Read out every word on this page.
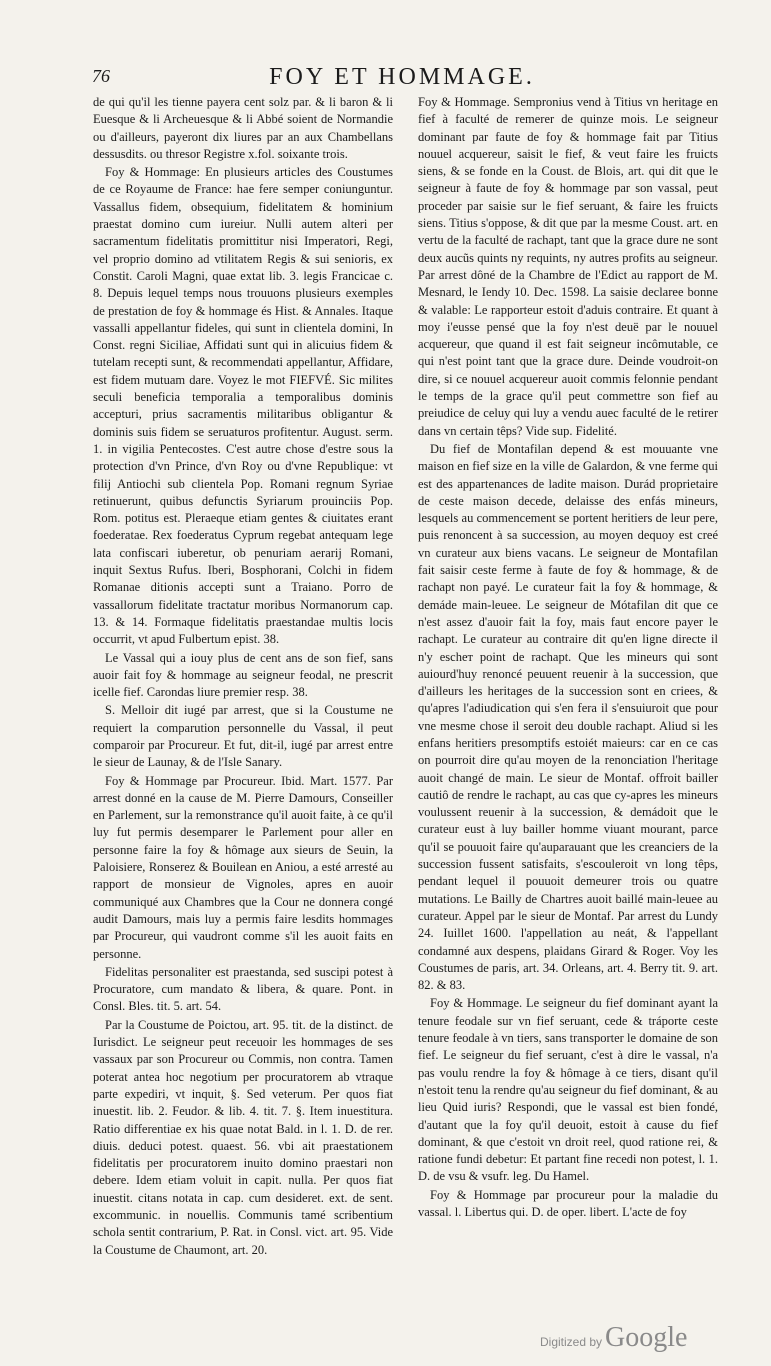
76	FOY ET HOMMAGE.

de qui qu'il les tienne payera cent solz par. & li baron & li Euesque & li Archeuesque & li Abbé soient de Normandie ou d'ailleurs, payeront dix liures par an aux Chambellans dessusdits. ou thresor Registre x.fol. soixante trois.

Foy & Hommage: En plusieurs articles des Coustumes de ce Royaume de France: hae fere semper coniunguntur. Vassallus fidem, obsequium, fidelitatem & hominium praestat domino cum iureiur. Nulli autem alteri per sacramentum fidelitatis promittitur nisi Imperatori, Regi, vel proprio domino ad vtilitatem Regis & sui senioris, ex Constit. Caroli Magni, quae extat lib. 3. legis Francicae c. 8. Depuis lequel temps nous trouuons plusieurs exemples de prestation de foy & hommage és Hist. & Annales. Itaque vassalli appellantur fideles, qui sunt in clientela domini, In Const. regni Siciliae, Affidati sunt qui in alicuius fidem & tutelam recepti sunt, & recommendati appellantur, Affidare, est fidem mutuam dare. Voyez le mot FIEFVÉ. Sic milites seculi beneficia temporalia a temporalibus dominis accepturi, prius sacramentis militaribus obligantur & dominis suis fidem se seruaturos profitentur. August. serm. 1. in vigilia Pentecostes. C'est autre chose d'estre sous la protection d'vn Prince, d'vn Roy ou d'vne Republique: vt filij Antiochi sub clientela Pop. Romani regnum Syriae retinuerunt, quibus defunctis Syriarum prouinciis Pop. Rom. potitus est. Pleraeque etiam gentes & ciuitates erant foederatae. Rex foederatus Cyprum regebat antequam lege lata confiscari iuberetur, ob penuriam aerarij Romani, inquit Sextus Rufus. Iberi, Bosphorani, Colchi in fidem Romanae ditionis accepti sunt a Traiano. Porro de vassallorum fidelitate tractatur moribus Normanorum cap. 13. & 14. Formaque fidelitatis praestandae multis locis occurrit, vt apud Fulbertum epist. 38.

Le Vassal qui a iouy plus de cent ans de son fief, sans auoir fait foy & hommage au seigneur feodal, ne prescrit icelle fief. Carondas liure premier resp. 38.

S. Melloir dit iugé par arrest, que si la Coustume ne requiert la comparution personnelle du Vassal, il peut comparoir par Procureur. Et fut, dit-il, iugé par arrest entre le sieur de Launay, & de l'Isle Sanary.

Foy & Hommage par Procureur. Ibid. Mart. 1577. Par arrest donné en la cause de M. Pierre Damours, Conseiller en Parlement, sur la remonstrance qu'il auoit faite, à ce qu'il luy fut permis desemparer le Parlement pour aller en personne faire la foy & hômage aux sieurs de Seuin, la Paloisiere, Ronserez & Bouilean en Aniou, a esté arresté au rapport de monsieur de Vignoles, apres en auoir communiqué aux Chambres que la Cour ne donnera congé audit Damours, mais luy a permis faire lesdits hommages par Procureur, qui vaudront comme s'il les auoit faits en personne.

Fidelitas personaliter est praestanda, sed suscipi potest à Procuratore, cum mandato & libera, & quare. Pont. in Consl. Bles. tit. 5. art. 54.

Par la Coustume de Poictou, art. 95. tit. de la distinct. de Iurisdict. Le seigneur peut receuoir les hommages de ses vassaux par son Procureur ou Commis, non contra. Tamen poterat antea hoc negotium per procuratorem ab vtraque parte expediri, vt inquit, §. Sed veterum. Per quos fiat inuestit. lib. 2. Feudor. & lib. 4. tit. 7. §. Item inuestitura. Ratio differentiae ex his quae notat Bald. in l. 1. D. de rer. diuis. deduci potest. quaest. 56. vbi ait praestationem fidelitatis per procuratorem inuito domino praestari non debere. Idem etiam voluit in capit. nulla. Per quos fiat inuestit. citans notata in cap. cum desideret. ext. de sent. excommunic. in nouellis. Communis tamé scribentium schola sentit contrarium, P. Rat. in Consl. vict. art. 95. Vide la Coustume de Chaumont, art. 20.

Foy & Hommage. Sempronius vend à Titius vn heritage en fief à faculté de remerer de quinze mois. Le seigneur dominant par faute de foy & hommage fait par Titius nouuel acquereur, saisit le fief, & veut faire les fruicts siens, & se fonde en la Coust. de Blois, art. qui dit que le seigneur à faute de foy & hommage par son vassal, peut proceder par saisie sur le fief seruant, & faire les fruicts siens. Titius s'oppose, & dit que par la mesme Coust. art. en vertu de la faculté de rachapt, tant que la grace dure ne sont deux aucũs quints ny requints, ny autres profits au seigneur. Par arrest dôné de la Chambre de l'Edict au rapport de M. Mesnard, le Iendy 10. Dec. 1598. La saisie declaree bonne & valable: Le rapporteur estoit d'aduis contraire. Et quant à moy i'eusse pensé que la foy n'est deuë par le nouuel acquereur, que quand il est fait seigneur incômutable, ce qui n'est point tant que la grace dure. Deinde voudroit-on dire, si ce nouuel acquereur auoit commis felonnie pendant le temps de la grace qu'il peut commettre son fief au preiudice de celuy qui luy a vendu auec faculté de le retirer dans vn certain têps? Vide sup. Fidelité.

Du fief de Montafilan depend & est mouuante vne maison en fief size en la ville de Galardon, & vne ferme qui est des appartenances de ladite maison. Durád proprietaire de ceste maison decede, delaisse des enfás mineurs, lesquels au commencement se portent heritiers de leur pere, puis renoncent à sa succession, au moyen dequoy est creé vn curateur aux biens vacans. Le seigneur de Montafilan fait saisir ceste ferme à faute de foy & hommage, & de rachapt non payé. Le curateur fait la foy & hommage, & demáde main-leuee. Le seigneur de Mótafilan dit que ce n'est assez d'auoir fait la foy, mais faut encore payer le rachapt. Le curateur au contraire dit qu'en ligne directe il n'y escheт point de rachapt. Que les mineurs qui sont auiourd'huy renoncé peuuent reuenir à la succession, que d'ailleurs les heritages de la succession sont en criees, & qu'apres l'adiudication qui s'en fera il s'ensuiuroit que pour vne mesme chose il seroit deu double rachapt. Aliud si les enfans heritiers presomptifs estoiét maieurs: car en ce cas on pourroit dire qu'au moyen de la renonciation l'heritage auoit changé de main. Le sieur de Montaf. offroit bailler cautiô de rendre le rachapt, au cas que cy-apres les mineurs voulussent reuenir à la succession, & demádoit que le curateur eust à luy bailler homme viuant mourant, parce qu'il se pouuoit faire qu'auparauant que les creanciers de la succession fussent satisfaits, s'escouleroit vn long têps, pendant lequel il pouuoit demeurer trois ou quatre mutations. Le Bailly de Chartres auoit baillé main-leuee au curateur. Appel par le sieur de Montaf. Par arrest du Lundy 24. Iuillet 1600. l'appellation au neát, & l'appellant condamné aux despens, plaidans Girard & Roger. Voy les Coustumes de paris, art. 34. Orleans, art. 4. Berry tit. 9. art. 82. & 83.

Foy & Hommage. Le seigneur du fief dominant ayant la tenure feodale sur vn fief seruant, cede & tráporte ceste tenure feodale à vn tiers, sans transporter le domaine de son fief. Le seigneur du fief seruant, c'est à dire le vassal, n'a pas voulu rendre la foy & hômage à ce tiers, disant qu'il n'estoit tenu la rendre qu'au seigneur du fief dominant, & au lieu Quid iuris? Respondi, que le vassal est bien fondé, d'autant que la foy qu'il deuoit, estoit à cause du fief dominant, & que c'estoit vn droit reel, quod ratione rei, & ratione fundi debetur: Et partant fine recedi non potest, l. 1. D. de vsu & vsufr. leg. Du Hamel.

Foy & Hommage par procureur pour la maladie du vassal. l. Libertus qui. D. de oper. libert. L'acte de foy

Digitized by Google
